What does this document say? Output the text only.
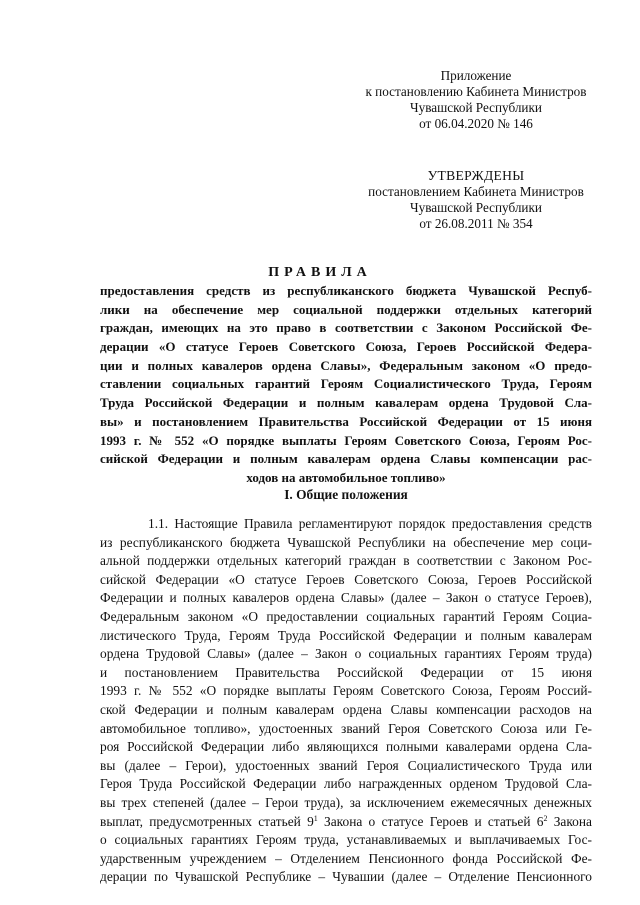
Приложение
к постановлению Кабинета Министров
Чувашской Республики
от 06.04.2020 № 146
УТВЕРЖДЕНЫ
постановлением Кабинета Министров
Чувашской Республики
от 26.08.2011 № 354
ПРАВИЛА
предоставления средств из республиканского бюджета Чувашской Респуб-
лики на обеспечение мер социальной поддержки отдельных категорий
граждан, имеющих на это право в соответствии с Законом Российской Фе-
дерации «О статусе Героев Советского Союза, Героев Российской Федера-
ции и полных кавалеров ордена Славы», Федеральным законом «О предо-
ставлении социальных гарантий Героям Социалистического Труда, Героям
Труда Российской Федерации и полным кавалерам ордена Трудовой Сла-
вы» и постановлением Правительства Российской Федерации от 15 июня
1993 г. № 552 «О порядке выплаты Героям Советского Союза, Героям Рос-
сийской Федерации и полным кавалерам ордена Славы компенсации рас-
ходов на автомобильное топливо»
I. Общие положения
1.1. Настоящие Правила регламентируют порядок предоставления средств
из республиканского бюджета Чувашской Республики на обеспечение мер соци-
альной поддержки отдельных категорий граждан в соответствии с Законом Рос-
сийской Федерации «О статусе Героев Советского Союза, Героев Российской
Федерации и полных кавалеров ордена Славы» (далее – Закон о статусе Героев),
Федеральным законом «О предоставлении социальных гарантий Героям Социа-
листического Труда, Героям Труда Российской Федерации и полным кавалерам
ордена Трудовой Славы» (далее – Закон о социальных гарантиях Героям труда)
и постановлением Правительства Российской Федерации от 15 июня
1993 г. № 552 «О порядке выплаты Героям Советского Союза, Героям Россий-
ской Федерации и полным кавалерам ордена Славы компенсации расходов на
автомобильное топливо», удостоенных званий Героя Советского Союза или Ге-
роя Российской Федерации либо являющихся полными кавалерами ордена Сла-
вы (далее – Герои), удостоенных званий Героя Социалистического Труда или
Героя Труда Российской Федерации либо награжденных орденом Трудовой Сла-
вы трех степеней (далее – Герои труда), за исключением ежемесячных денежных
выплат, предусмотренных статьей $9^1$ Закона о статусе Героев и статьей $6^2$ Закона
о социальных гарантиях Героям труда, устанавливаемых и выплачиваемых Гос-
ударственным учреждением – Отделением Пенсионного фонда Российской Фе-
дерации по Чувашской Республике – Чувашии (далее – Отделение Пенсионного
